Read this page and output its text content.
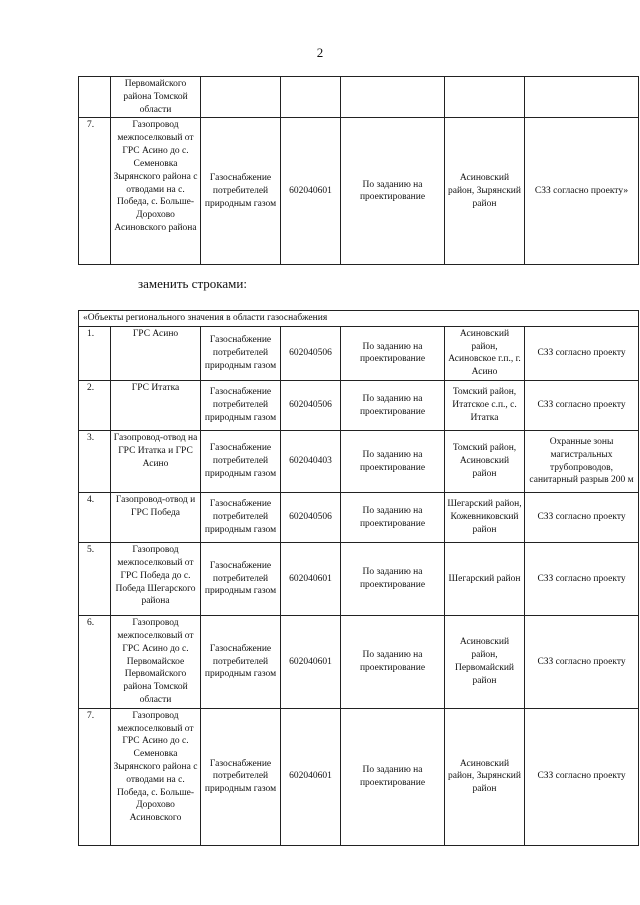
2
	Первомайского района Томской области					
7.	Газопровод межпоселковый от ГРС Асино до с. Семеновка Зырянского района с отводами на с. Победа, с. Больше-Дорохово Асиновского района	Газоснабжение потребителей природным газом	602040601	По заданию на проектирование	Асиновский район, Зырянский район	СЗЗ согласно проекту»
заменить строками:
«Объекты регионального значения в области газоснабжения						
1.	ГРС Асино	Газоснабжение потребителей природным газом	602040506	По заданию на проектирование	Асиновский район, Асиновское г.п., г. Асино	СЗЗ согласно проекту
2.	ГРС Итатка	Газоснабжение потребителей природным газом	602040506	По заданию на проектирование	Томский район, Итатское с.п., с. Итатка	СЗЗ согласно проекту
3.	Газопровод-отвод на ГРС Итатка и ГРС Асино	Газоснабжение потребителей природным газом	602040403	По заданию на проектирование	Томский район, Асиновский район	Охранные зоны магистральных трубопроводов, санитарный разрыв 200 м
4.	Газопровод-отвод и ГРС Победа	Газоснабжение потребителей природным газом	602040506	По заданию на проектирование	Шегарский район, Кожевниковский район	СЗЗ согласно проекту
5.	Газопровод межпоселковый от ГРС Победа до с. Победа Шегарского района	Газоснабжение потребителей природным газом	602040601	По заданию на проектирование	Шегарский район	СЗЗ согласно проекту
6.	Газопровод межпоселковый от ГРС Асино до с. Первомайское Первомайского района Томской области	Газоснабжение потребителей природным газом	602040601	По заданию на проектирование	Асиновский район, Первомайский район	СЗЗ согласно проекту
7.	Газопровод межпоселковый от ГРС Асино до с. Семеновка Зырянского района с отводами на с. Победа, с. Больше-Дорохово Асиновского	Газоснабжение потребителей природным газом	602040601	По заданию на проектирование	Асиновский район, Зырянский район	СЗЗ согласно проекту
